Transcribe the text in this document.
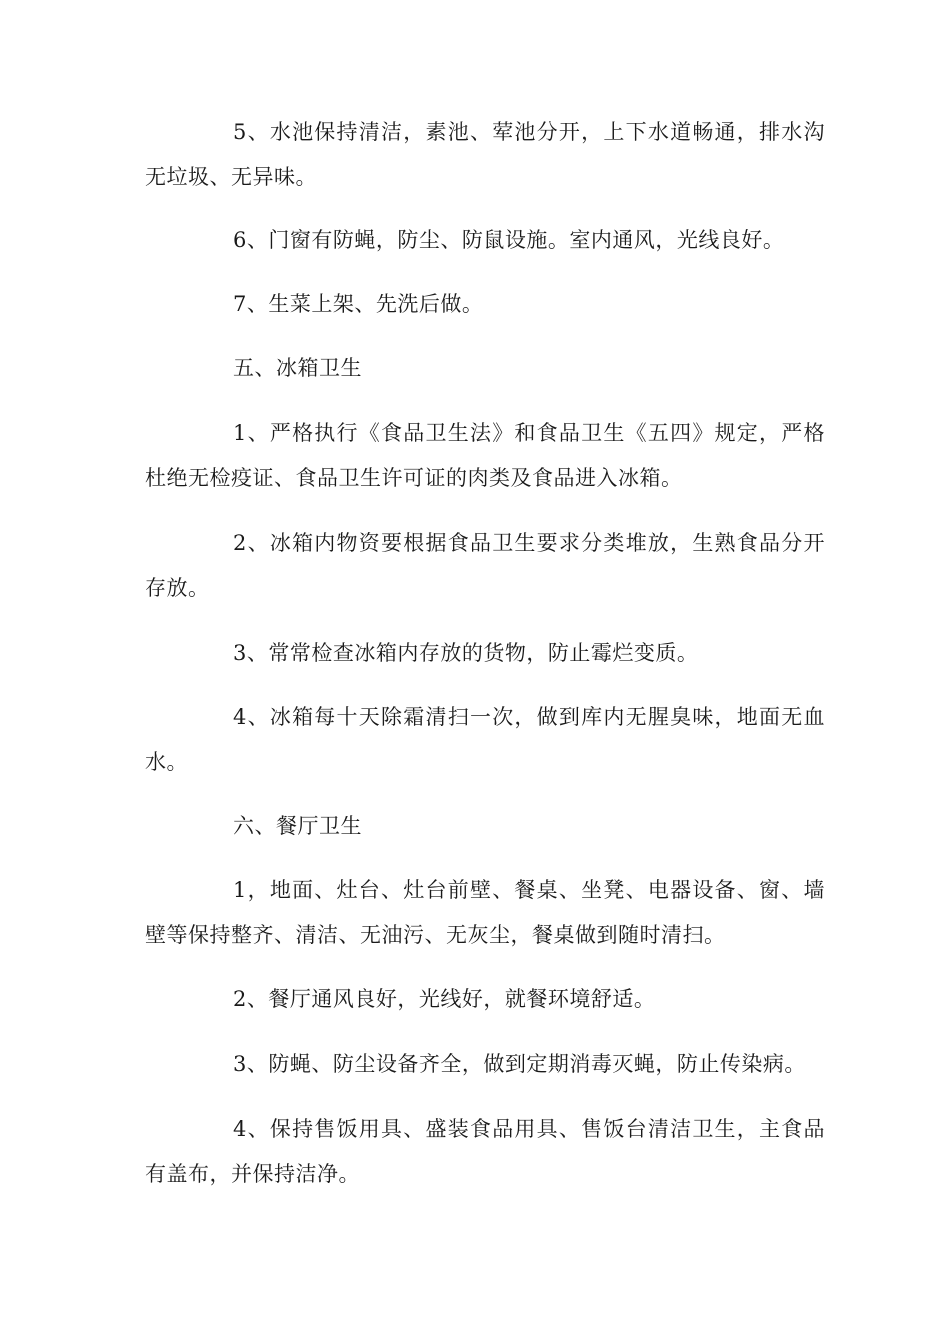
5、水池保持清洁，素池、荤池分开，上下水道畅通，排水沟无垃圾、无异味。

6、门窗有防蝇，防尘、防鼠设施。室内通风，光线良好。

7、生菜上架、先洗后做。

五、冰箱卫生

1、严格执行《食品卫生法》和食品卫生《五四》规定，严格杜绝无检疫证、食品卫生许可证的肉类及食品进入冰箱。

2、冰箱内物资要根据食品卫生要求分类堆放，生熟食品分开存放。

3、常常检查冰箱内存放的货物，防止霉烂变质。

4、冰箱每十天除霜清扫一次，做到库内无腥臭味，地面无血水。

六、餐厅卫生

1，地面、灶台、灶台前壁、餐桌、坐凳、电器设备、窗、墙壁等保持整齐、清洁、无油污、无灰尘，餐桌做到随时清扫。

2、餐厅通风良好，光线好，就餐环境舒适。

3、防蝇、防尘设备齐全，做到定期消毒灭蝇，防止传染病。

4、保持售饭用具、盛装食品用具、售饭台清洁卫生，主食品有盖布，并保持洁净。
